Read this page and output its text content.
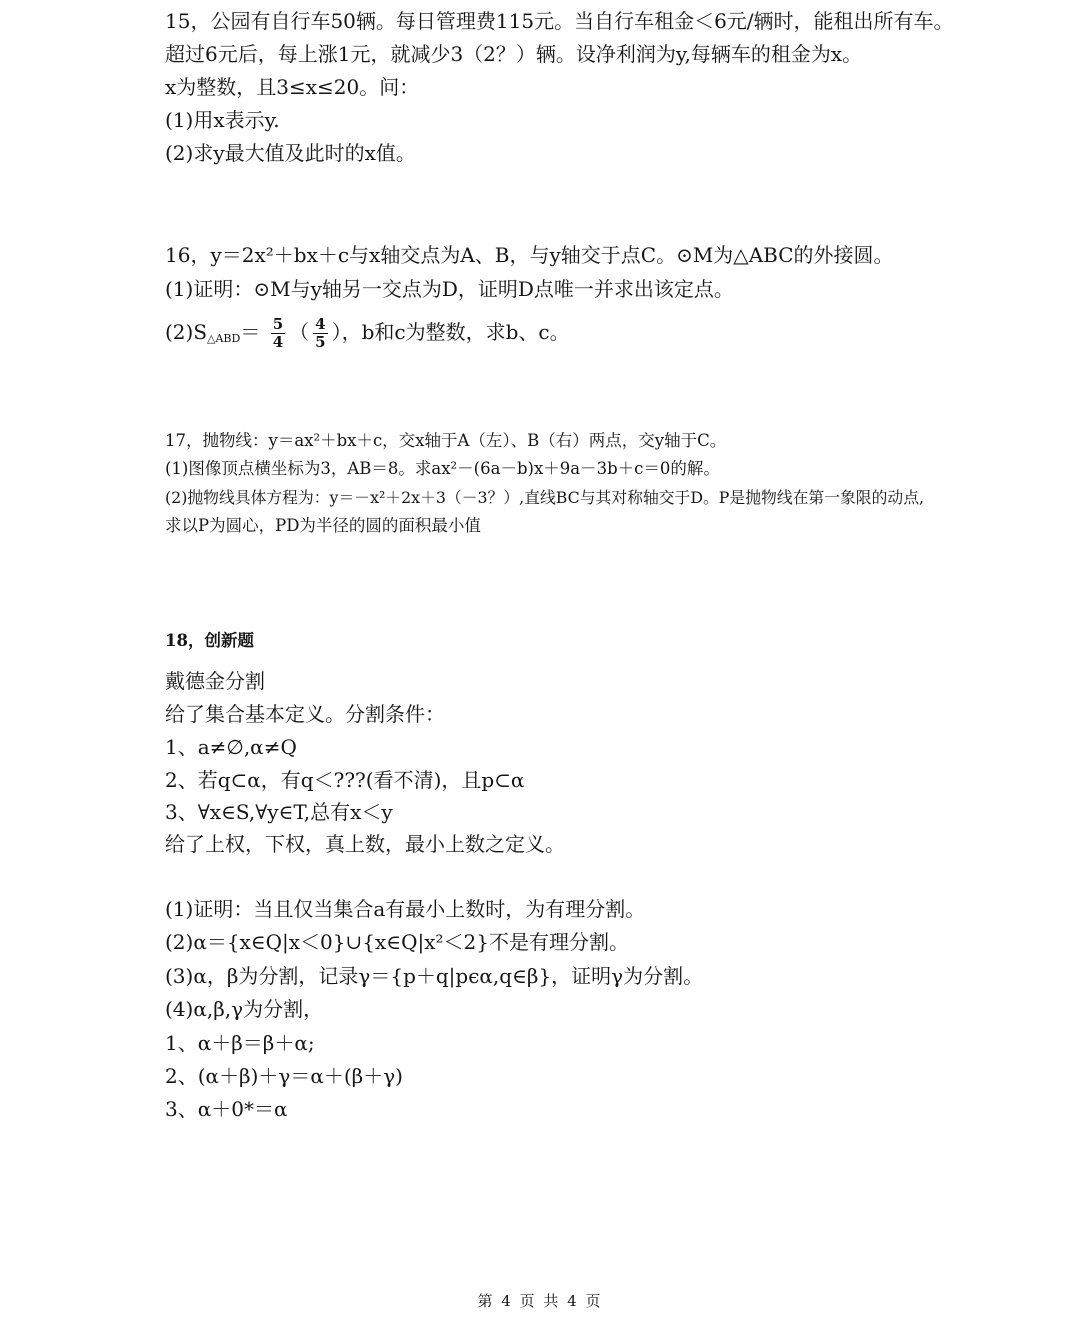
15，公园有自行车50辆。每日管理费115元。当自行车租金＜6元/辆时，能租出所有车。
超过6元后，每上涨1元，就减少3（2？）辆。设净利润为y,每辆车的租金为x。
x为整数，且3≤x≤20。问：
(1)用x表示y.
(2)求y最大值及此时的x值。
16，y＝2x²＋bx＋c与x轴交点为A、B，与y轴交于点C。⊙M为△ABC的外接圆。
(1)证明：⊙M与y轴另一交点为D，证明D点唯一并求出该定点。
$(2)S_{\triangle ABD}= \frac{5}{4}$ （ $\frac{4}{5}$ ），b和c为整数，求b、c。
17，抛物线：y＝ax²＋bx＋c，交x轴于A（左）、B（右）两点，交y轴于C。
(1)图像顶点横坐标为3，AB＝8。求ax²－(6a－b)x＋9a－3b＋c＝0的解。
(2)抛物线具体方程为：y＝－x²＋2x＋3（－3？）,直线BC与其对称轴交于D。P是抛物线在第一象限的动点,
求以P为圆心，PD为半径的圆的面积最小值
18，创新题
戴德金分割
给了集合基本定义。分割条件：
1、a≠∅,α≠Q
2、若q⊂α，有q＜???(看不清)，且p⊂α
3、∀x∈S,∀y∈T,总有x＜y
给了上权，下权，真上数，最小上数之定义。
(1)证明：当且仅当集合a有最小上数时，为有理分割。
(2)α＝{x∈Q|x＜0}∪{x∈Q|x²＜2}不是有理分割。
(3)α，β为分割，记录γ＝{p＋q|pϵα,q∈β}，证明γ为分割。
(4)α,β,γ为分割，
1、α＋β＝β＋α;
2、(α＋β)＋γ＝α＋(β＋γ)
3、α＋0*＝α
第 4 页 共 4 页
